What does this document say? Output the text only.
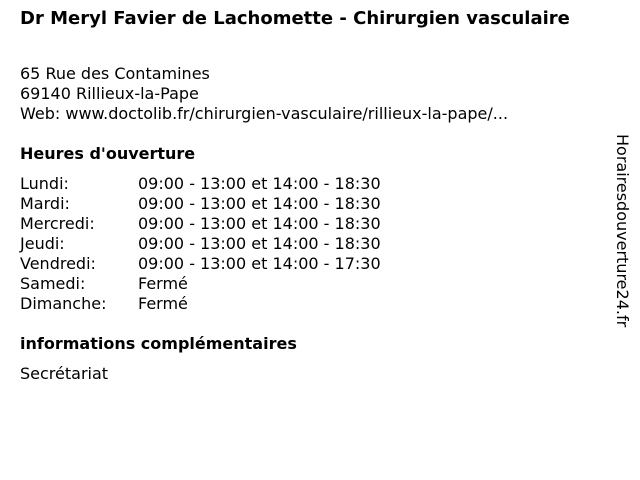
Dr Meryl Favier de Lachomette - Chirurgien vasculaire
65 Rue des Contamines
69140 Rillieux-la-Pape
Web: www.doctolib.fr/chirurgien-vasculaire/rillieux-la-pape/...
Heures d'ouverture
Lundi:	09:00 - 13:00 et 14:00 - 18:30
Mardi:	09:00 - 13:00 et 14:00 - 18:30
Mercredi:	09:00 - 13:00 et 14:00 - 18:30
Jeudi:	09:00 - 13:00 et 14:00 - 18:30
Vendredi:	09:00 - 13:00 et 14:00 - 17:30
Samedi:	Fermé
Dimanche: Fermé
informations complémentaires
Secrétariat
Horairesdouverture24.fr
